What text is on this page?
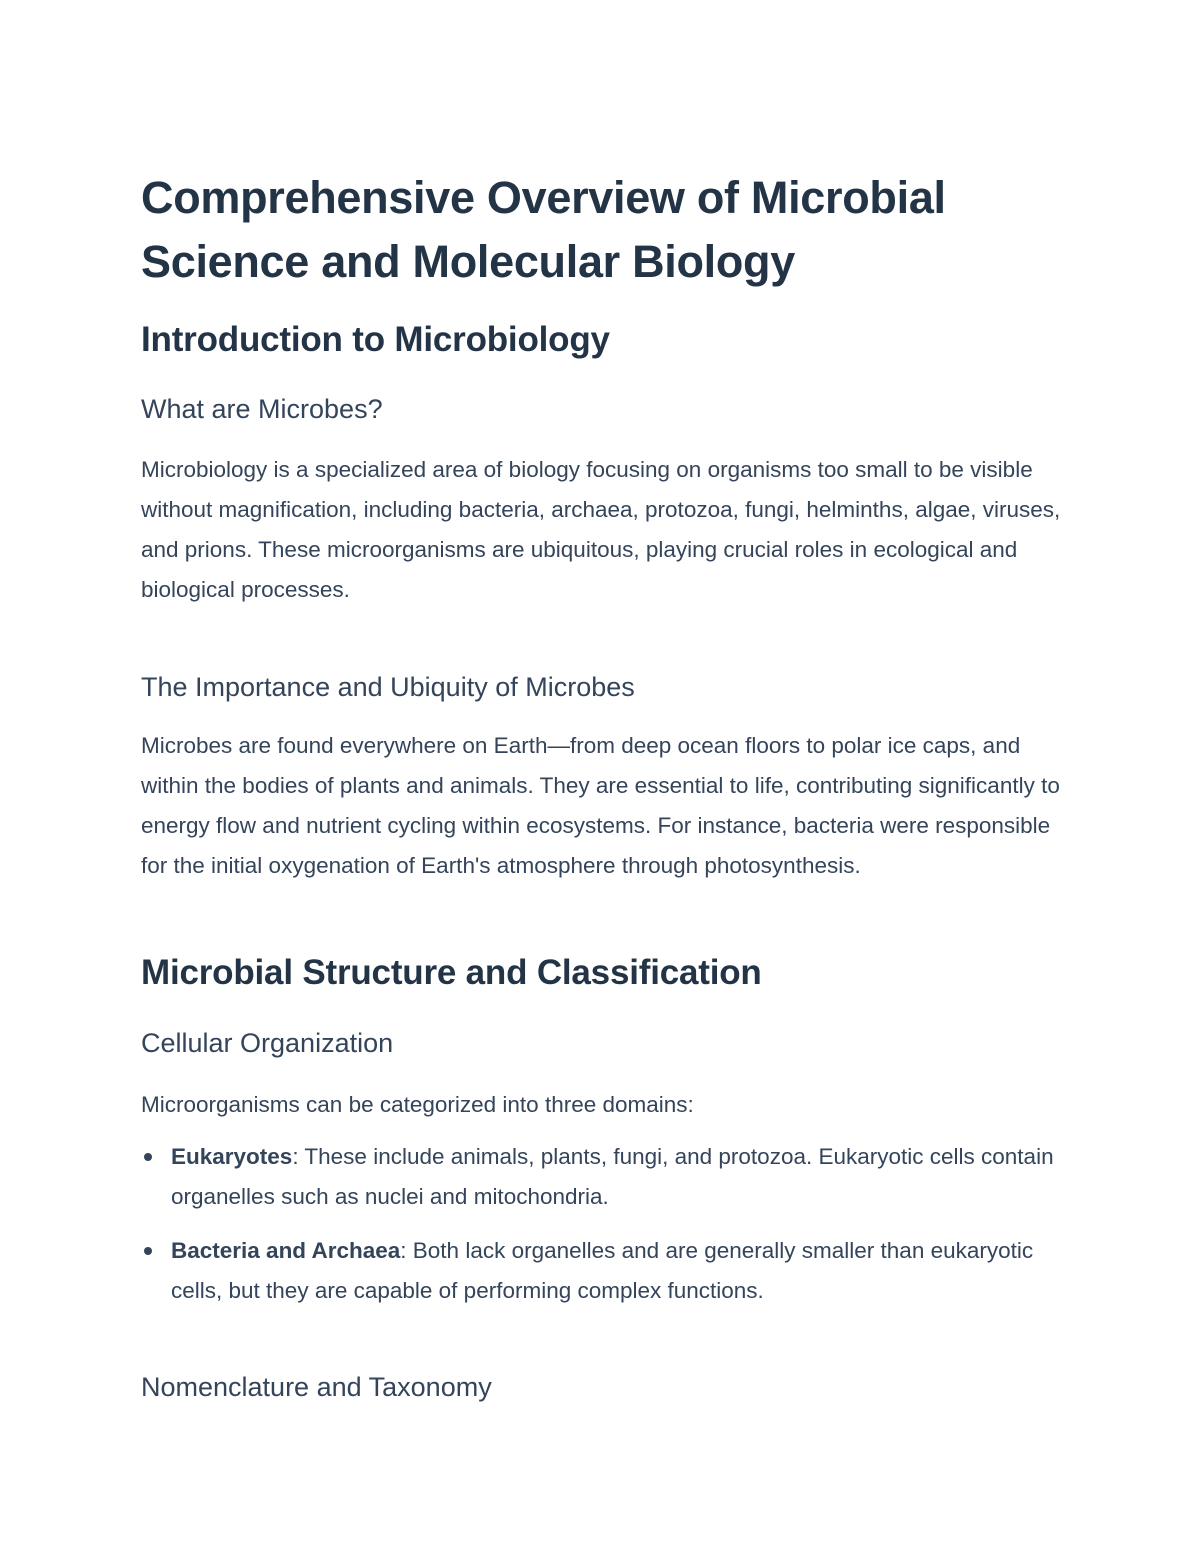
Comprehensive Overview of Microbial Science and Molecular Biology
Introduction to Microbiology
What are Microbes?

Microbiology is a specialized area of biology focusing on organisms too small to be visible without magnification, including bacteria, archaea, protozoa, fungi, helminths, algae, viruses, and prions. These microorganisms are ubiquitous, playing crucial roles in ecological and biological processes.

The Importance and Ubiquity of Microbes

Microbes are found everywhere on Earth—from deep ocean floors to polar ice caps, and within the bodies of plants and animals. They are essential to life, contributing significantly to energy flow and nutrient cycling within ecosystems. For instance, bacteria were responsible for the initial oxygenation of Earth's atmosphere through photosynthesis.

Microbial Structure and Classification
Cellular Organization

Microorganisms can be categorized into three domains:

Eukaryotes: These include animals, plants, fungi, and protozoa. Eukaryotic cells contain organelles such as nuclei and mitochondria.
Bacteria and Archaea: Both lack organelles and are generally smaller than eukaryotic cells, but they are capable of performing complex functions.
Nomenclature and Taxonomy
